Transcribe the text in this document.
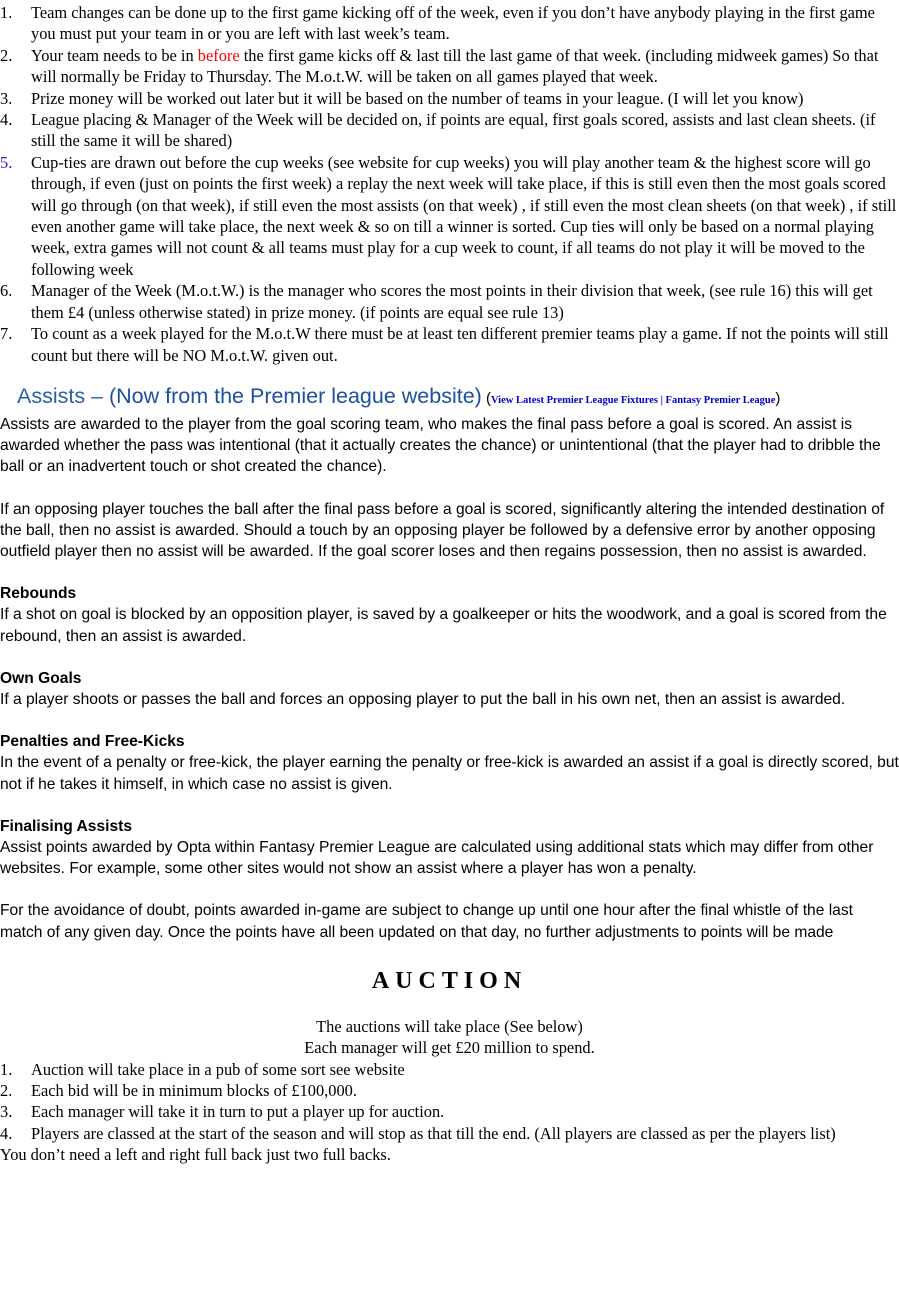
1. Team changes can be done up to the first game kicking off of the week, even if you don’t have anybody playing in the first game you must put your team in or you are left with last week’s team.
2. Your team needs to be in before the first game kicks off & last till the last game of that week. (including midweek games) So that will normally be Friday to Thursday. The M.o.t.W. will be taken on all games played that week.
3. Prize money will be worked out later but it will be based on the number of teams in your league. (I will let you know)
4. League placing & Manager of the Week will be decided on, if points are equal, first goals scored, assists and last clean sheets. (if still the same it will be shared)
5. Cup-ties are drawn out before the cup weeks (see website for cup weeks) you will play another team & the highest score will go through, if even (just on points the first week) a replay the next week will take place, if this is still even then the most goals scored will go through (on that week), if still even the most assists (on that week) , if still even the most clean sheets (on that week) , if still even another game will take place, the next week & so on till a winner is sorted. Cup ties will only be based on a normal playing week, extra games will not count & all teams must play for a cup week to count, if all teams do not play it will be moved to the following week
6. Manager of the Week (M.o.t.W.) is the manager who scores the most points in their division that week, (see rule 16) this will get them £4 (unless otherwise stated) in prize money. (if points are equal see rule 13)
7. To count as a week played for the M.o.t.W there must be at least ten different premier teams play a game. If not the points will still count but there will be NO M.o.t.W. given out.
Assists – (Now from the Premier league website) (View Latest Premier League Fixtures | Fantasy Premier League)

Assists are awarded to the player from the goal scoring team, who makes the final pass before a goal is scored. An assist is awarded whether the pass was intentional (that it actually creates the chance) or unintentional (that the player had to dribble the ball or an inadvertent touch or shot created the chance).

If an opposing player touches the ball after the final pass before a goal is scored, significantly altering the intended destination of the ball, then no assist is awarded. Should a touch by an opposing player be followed by a defensive error by another opposing outfield player then no assist will be awarded. If the goal scorer loses and then regains possession, then no assist is awarded.

Rebounds

If a shot on goal is blocked by an opposition player, is saved by a goalkeeper or hits the woodwork, and a goal is scored from the rebound, then an assist is awarded.

Own Goals

If a player shoots or passes the ball and forces an opposing player to put the ball in his own net, then an assist is awarded.

Penalties and Free-Kicks

In the event of a penalty or free-kick, the player earning the penalty or free-kick is awarded an assist if a goal is directly scored, but not if he takes it himself, in which case no assist is given.

Finalising Assists

Assist points awarded by Opta within Fantasy Premier League are calculated using additional stats which may differ from other websites. For example, some other sites would not show an assist where a player has won a penalty.

For the avoidance of doubt, points awarded in-game are subject to change up until one hour after the final whistle of the last match of any given day. Once the points have all been updated on that day, no further adjustments to points will be made

AUCTION
The auctions will take place (See below)
Each manager will get £20 million to spend.
1. Auction will take place in a pub of some sort see website
2. Each bid will be in minimum blocks of £100,000.
3. Each manager will take it in turn to put a player up for auction.
4. Players are classed at the start of the season and will stop as that till the end. (All players are classed as per the players list)
You don’t need a left and right full back just two full backs.
